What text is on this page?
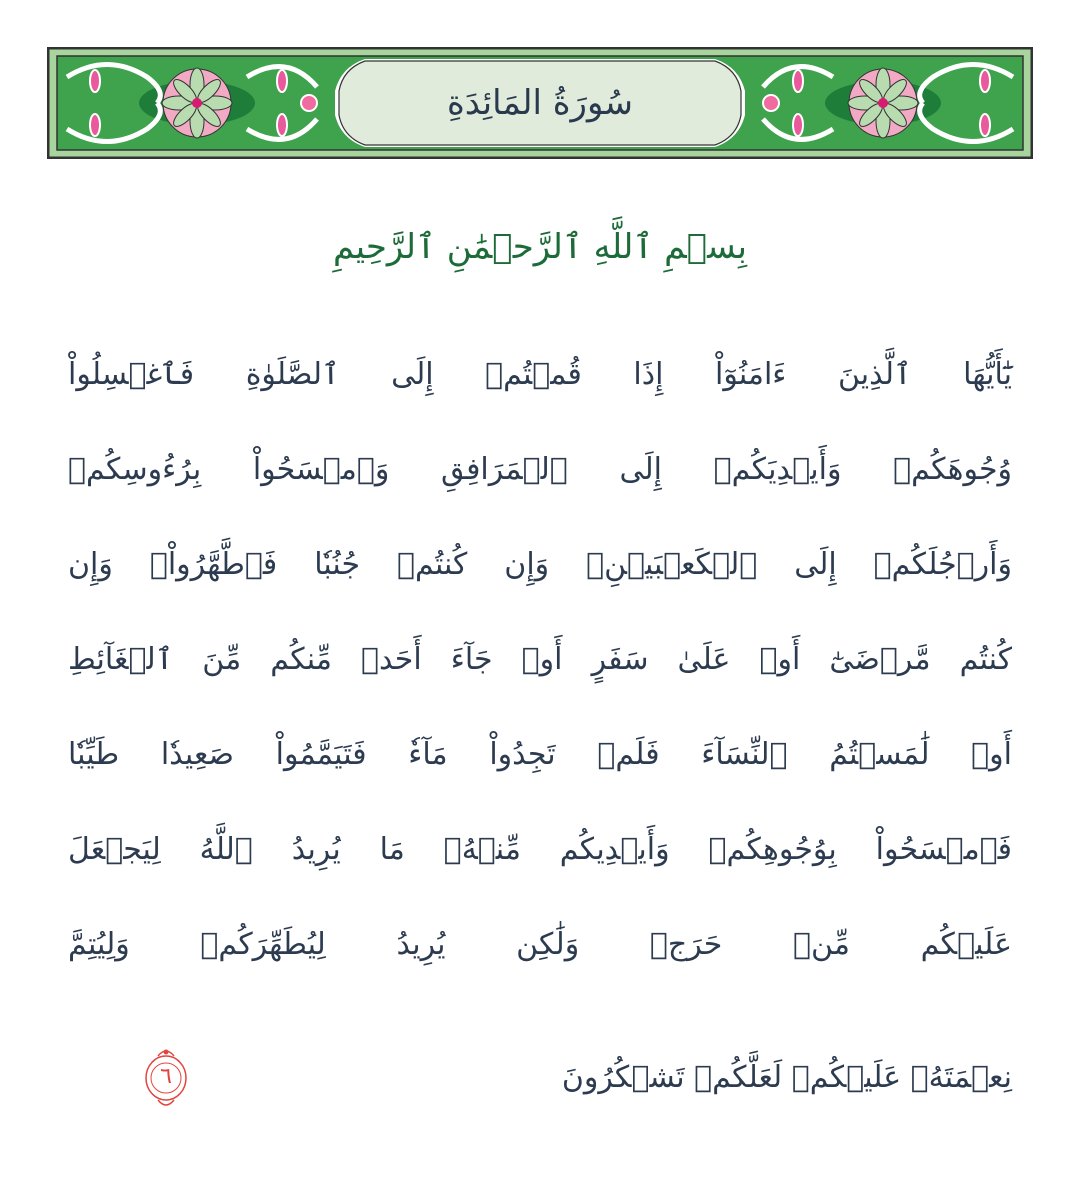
سُورَةُ المَائِدَةِ
بِسۡمِ ٱللَّهِ ٱلرَّحۡمَٰنِ ٱلرَّحِيمِ
يَٰٓأَيُّهَا ٱلَّذِينَ ءَامَنُوٓاْ إِذَا قُمۡتُمۡ إِلَى ٱلصَّلَوٰةِ فَٱغۡسِلُواْ
وُجُوهَكُمۡ وَأَيۡدِيَكُمۡ إِلَى ٱلۡمَرَافِقِ وَٱمۡسَحُواْ بِرُءُوسِكُمۡ
وَأَرۡجُلَكُمۡ إِلَى ٱلۡكَعۡبَيۡنِۚ وَإِن كُنتُمۡ جُنُبٗا فَٱطَّهَّرُواْۚ وَإِن
كُنتُم مَّرۡضَىٰٓ أَوۡ عَلَىٰ سَفَرٍ أَوۡ جَآءَ أَحَدٞ مِّنكُم مِّنَ ٱلۡغَآئِطِ
أَوۡ لَٰمَسۡتُمُ ٱلنِّسَآءَ فَلَمۡ تَجِدُواْ مَآءٗ فَتَيَمَّمُواْ صَعِيدٗا طَيِّبٗا
فَٱمۡسَحُواْ بِوُجُوهِكُمۡ وَأَيۡدِيكُم مِّنۡهُۚ مَا يُرِيدُ ٱللَّهُ لِيَجۡعَلَ
عَلَيۡكُم مِّنۡ حَرَجٖ وَلَٰكِن يُرِيدُ لِيُطَهِّرَكُمۡ وَلِيُتِمَّ
نِعۡمَتَهُۥ عَلَيۡكُمۡ لَعَلَّكُمۡ تَشۡكُرُونَ
٦
